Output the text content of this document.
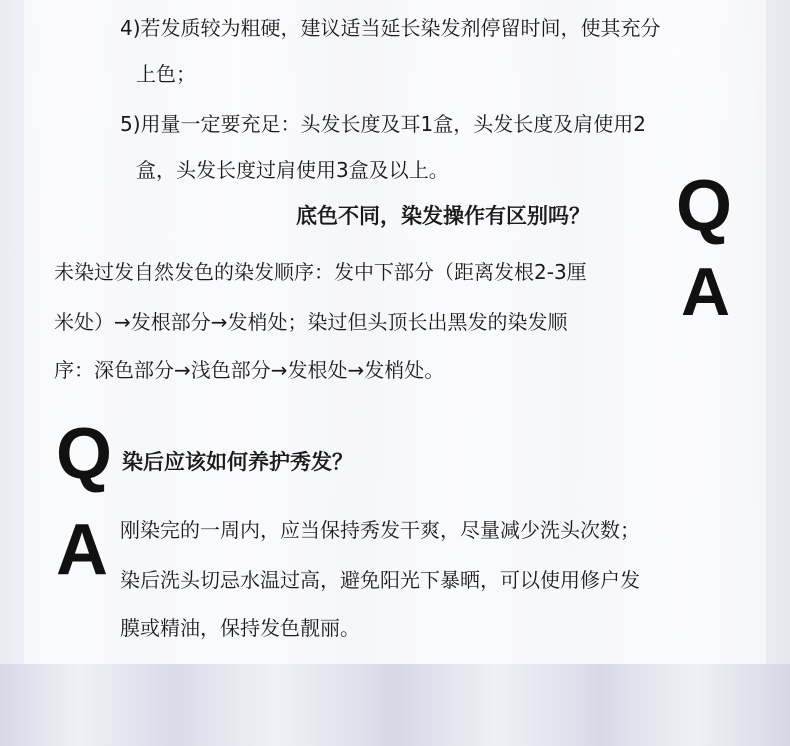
4)若发质较为粗硬，建议适当延长染发剂停留时间，使其充分
上色；
5)用量一定要充足：头发长度及耳1盒，头发长度及肩使用2
盒，头发长度过肩使用3盒及以上。
底色不同，染发操作有区别吗？ Q
A
未染过发自然发色的染发顺序：发中下部分（距离发根2-3厘
米处）→发根部分→发梢处；染过但头顶长出黑发的染发顺
序：深色部分→浅色部分→发根处→发梢处。
Q 染后应该如何养护秀发？
A 刚染完的一周内，应当保持秀发干爽，尽量减少洗头次数；
染后洗头切忌水温过高，避免阳光下暴晒，可以使用修户发
膜或精油，保持发色靓丽。
